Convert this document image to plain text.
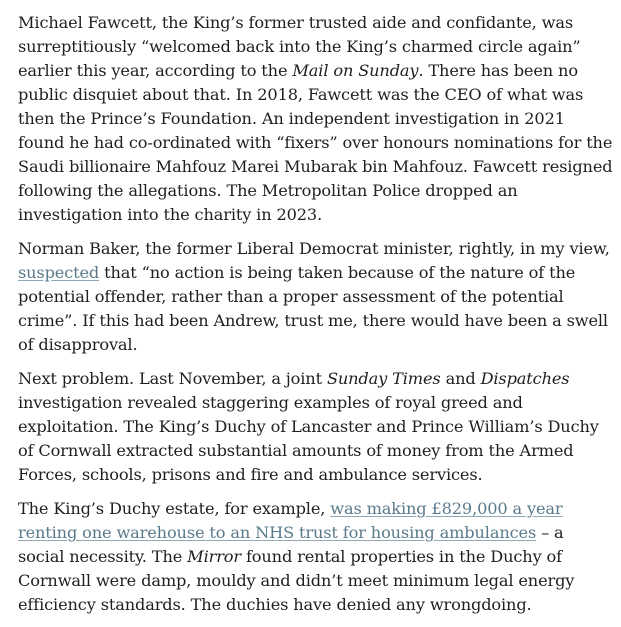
Michael Fawcett, the King’s former trusted aide and confidante, was surreptitiously “welcomed back into the King’s charmed circle again” earlier this year, according to the Mail on Sunday. There has been no public disquiet about that. In 2018, Fawcett was the CEO of what was then the Prince’s Foundation. An independent investigation in 2021 found he had co-ordinated with “fixers” over honours nominations for the Saudi billionaire Mahfouz Marei Mubarak bin Mahfouz. Fawcett resigned following the allegations. The Metropolitan Police dropped an investigation into the charity in 2023.

Norman Baker, the former Liberal Democrat minister, rightly, in my view, suspected that “no action is being taken because of the nature of the potential offender, rather than a proper assessment of the potential crime”. If this had been Andrew, trust me, there would have been a swell of disapproval.

Next problem. Last November, a joint Sunday Times and Dispatches investigation revealed staggering examples of royal greed and exploitation. The King’s Duchy of Lancaster and Prince William’s Duchy of Cornwall extracted substantial amounts of money from the Armed Forces, schools, prisons and fire and ambulance services.

The King’s Duchy estate, for example, was making £829,000 a year renting one warehouse to an NHS trust for housing ambulances – a social necessity. The Mirror found rental properties in the Duchy of Cornwall were damp, mouldy and didn’t meet minimum legal energy efficiency standards. The duchies have denied any wrongdoing.
